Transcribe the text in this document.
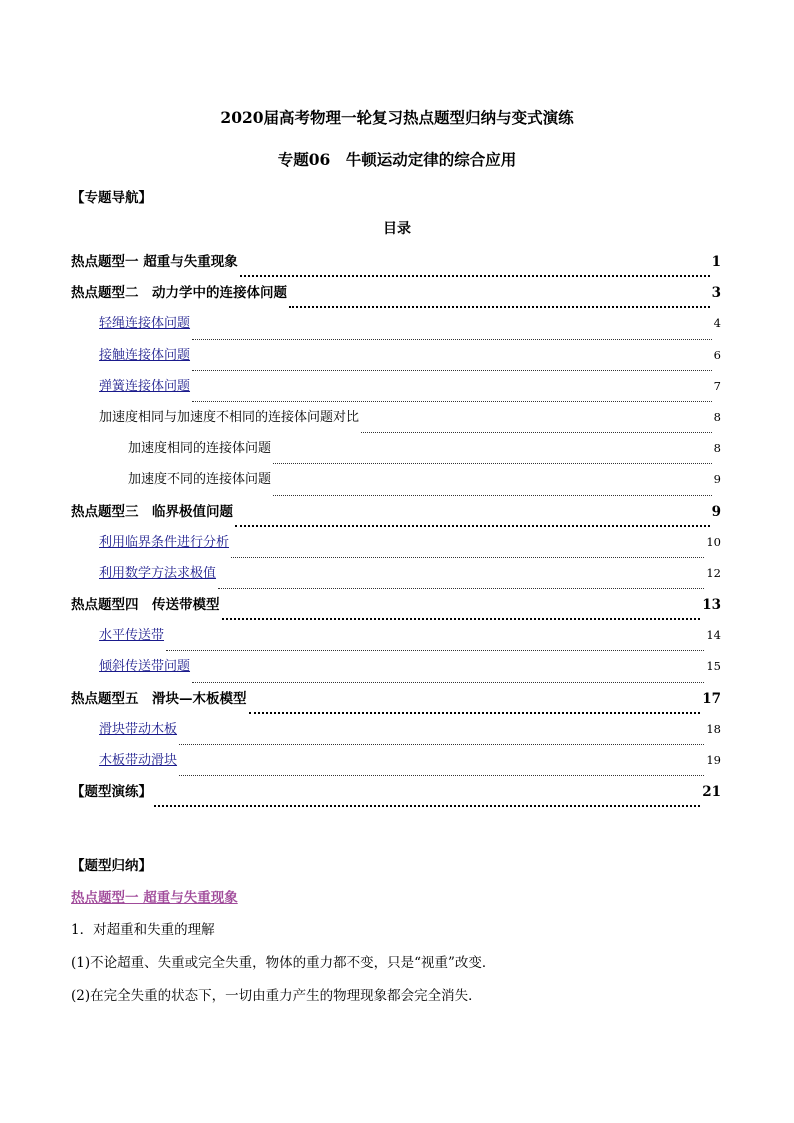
2020届高考物理一轮复习热点题型归纳与变式演练
专题06　牛顿运动定律的综合应用
【专题导航】
目录
热点题型一 超重与失重现象	1
热点题型二　动力学中的连接体问题	3
轻绳连接体问题	4
接触连接体问题	6
弹簧连接体问题	7
加速度相同与加速度不相同的连接体问题对比	8
加速度相同的连接体问题	8
加速度不同的连接体问题	9
热点题型三　临界极值问题	9
利用临界条件进行分析	10
利用数学方法求极值	12
热点题型四　传送带模型	13
水平传送带	14
倾斜传送带问题	15
热点题型五　滑块—木板模型	17
滑块带动木板	18
木板带动滑块	19
【题型演练】	21
【题型归纳】
热点题型一 超重与失重现象
1．对超重和失重的理解
(1)不论超重、失重或完全失重，物体的重力都不变，只是“视重”改变．
(2)在完全失重的状态下，一切由重力产生的物理现象都会完全消失．
